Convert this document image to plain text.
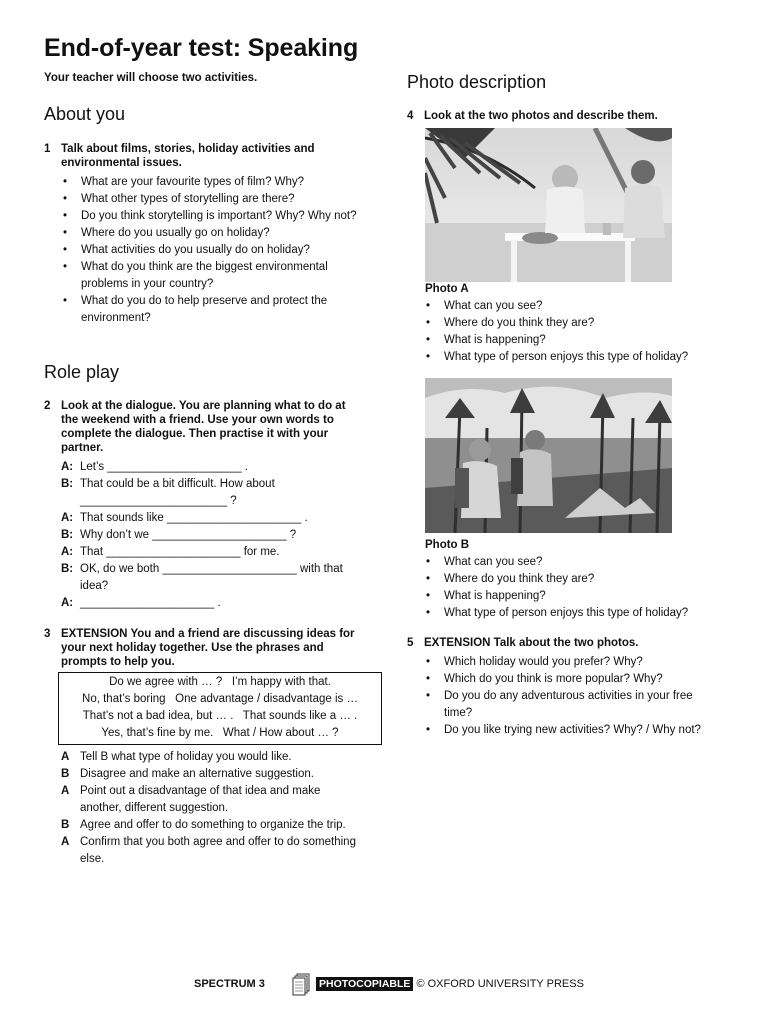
End-of-year test: Speaking
Your teacher will choose two activities.
About you
1 Talk about films, stories, holiday activities and environmental issues.
• What are your favourite types of film? Why?
• What other types of storytelling are there?
• Do you think storytelling is important? Why? Why not?
• Where do you usually go on holiday?
• What activities do you usually do on holiday?
• What do you think are the biggest environmental problems in your country?
• What do you do to help preserve and protect the environment?
Role play
2 Look at the dialogue. You are planning what to do at the weekend with a friend. Use your own words to complete the dialogue. Then practise it with your partner.
A: Let’s _____________________ .
B: That could be a bit difficult. How about _______________________ ?
A: That sounds like _____________________ .
B: Why don’t we _____________________ ?
A: That _____________________ for me.
B: OK, do we both _____________________ with that idea?
A: _____________________ .
3 EXTENSION You and a friend are discussing ideas for your next holiday together. Use the phrases and prompts to help you.
Do we agree with … ?   I’m happy with that.
No, that’s boring   One advantage / disadvantage is …
That’s not a bad idea, but … .   That sounds like a … .
Yes, that’s fine by me.   What / How about … ?
A Tell B what type of holiday you would like.
B Disagree and make an alternative suggestion.
A Point out a disadvantage of that idea and make another, different suggestion.
B Agree and offer to do something to organize the trip.
A Confirm that you both agree and offer to do something else.
Photo description
4 Look at the two photos and describe them.
Photo A
• What can you see?
• Where do you think they are?
• What is happening?
• What type of person enjoys this type of holiday?
Photo B
• What can you see?
• Where do you think they are?
• What is happening?
• What type of person enjoys this type of holiday?
5 EXTENSION Talk about the two photos.
• Which holiday would you prefer? Why?
• Which do you think is more popular? Why?
• Do you do any adventurous activities in your free time?
• Do you like trying new activities? Why? / Why not?
SPECTRUM 3	PHOTOCOPIABLE © OXFORD UNIVERSITY PRESS
